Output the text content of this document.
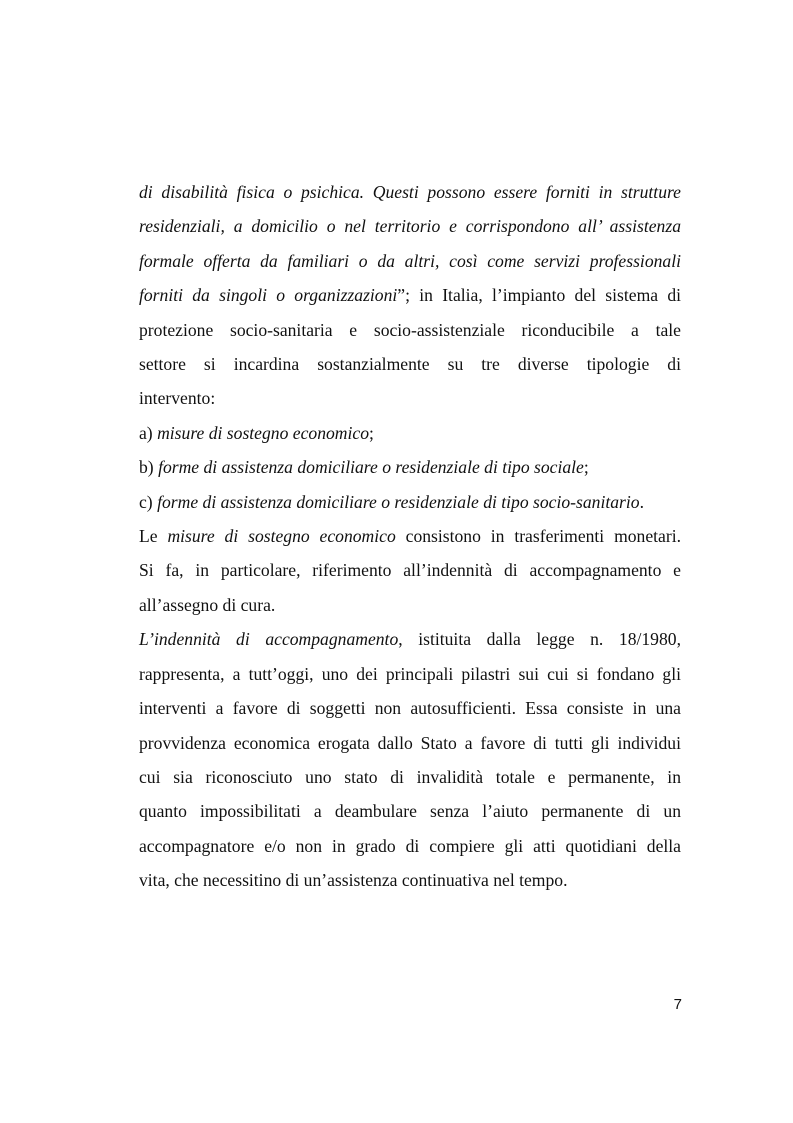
di disabilità fisica o psichica. Questi possono essere forniti in strutture
residenziali, a domicilio o nel territorio e corrispondono all’ assistenza
formale offerta da familiari o da altri, così come servizi professionali
forniti da singoli o organizzazioni”; in Italia, l’impianto del sistema di
protezione socio-sanitaria e socio-assistenziale riconducibile a tale
settore si incardina sostanzialmente su tre diverse tipologie di
intervento:

a) misure di sostegno economico;

b) forme di assistenza domiciliare o residenziale di tipo sociale;

c) forme di assistenza domiciliare o residenziale di tipo socio-sanitario.

Le misure di sostegno economico consistono in trasferimenti monetari.
Si fa, in particolare, riferimento all’indennità di accompagnamento e
all’assegno di cura.

L’indennità di accompagnamento, istituita dalla legge n. 18/1980,
rappresenta, a tutt’oggi, uno dei principali pilastri sui cui si fondano gli
interventi a favore di soggetti non autosufficienti. Essa consiste in una
provvidenza economica erogata dallo Stato a favore di tutti gli individui
cui sia riconosciuto uno stato di invalidità totale e permanente, in
quanto impossibilitati a deambulare senza l’aiuto permanente di un
accompagnatore e/o non in grado di compiere gli atti quotidiani della
vita, che necessitino di un’assistenza continuativa nel tempo.

7
